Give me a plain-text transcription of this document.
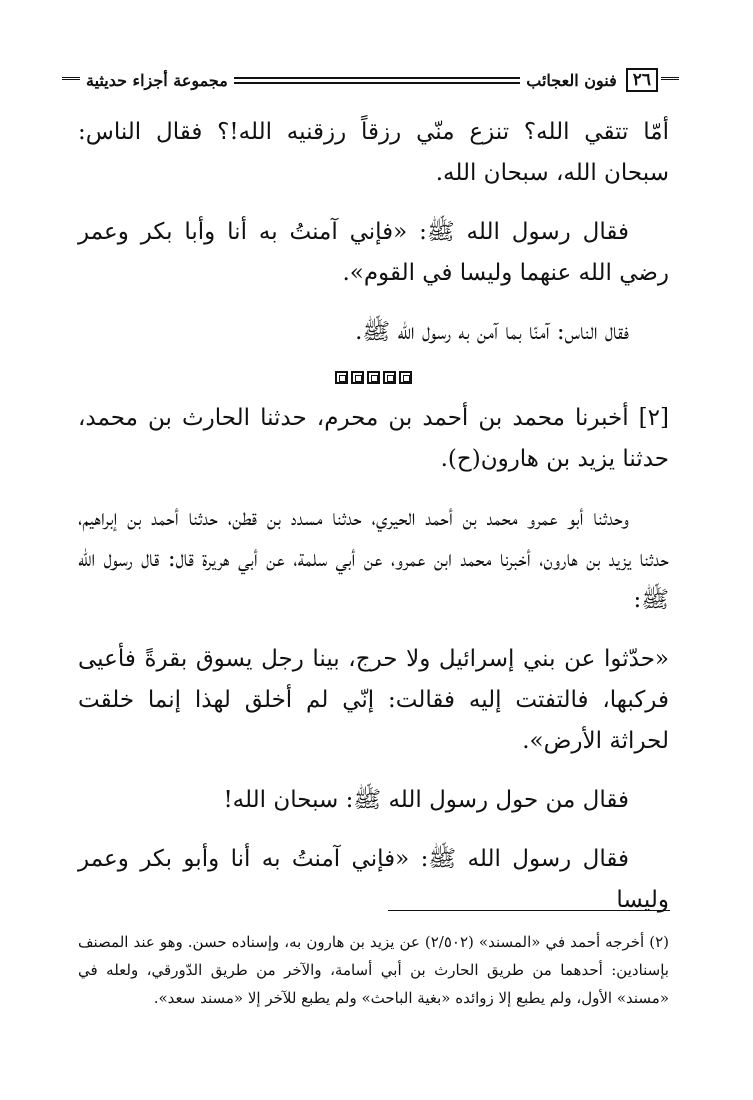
٢٦
فنون العجائب
مجموعة أجزاء حديثية

أمّا تتقي الله؟ تنزع منّي رزقاً رزقنيه الله!؟ فقال الناس: سبحان الله، سبحان الله.

فقال رسول الله ﷺ: «فإني آمنتُ به أنا وأبا بكر وعمر رضي الله عنهما وليسا في القوم».

فقال الناس: آمنّا بما آمن به رسول الله ﷺ.

[٢] أخبرنا محمد بن أحمد بن محرم، حدثنا الحارث بن محمد، حدثنا يزيد بن هارون(ح).

وحدثنا أبو عمرو محمد بن أحمد الحيري، حدثنا مسدد بن قطن، حدثنا أحمد بن إبراهيم، حدثنا يزيد بن هارون، أخبرنا محمد ابن عمرو، عن أبي سلمة، عن أبي هريرة قال: قال رسول الله ﷺ:

«حدّثوا عن بني إسرائيل ولا حرج، بينا رجل يسوق بقرةً فأعيى فركبها، فالتفتت إليه فقالت: إنّي لم أخلق لهذا إنما خلقت لحراثة الأرض».

فقال من حول رسول الله ﷺ: سبحان الله!

فقال رسول الله ﷺ: «فإني آمنتُ به أنا وأبو بكر وعمر وليسا

(٢) أخرجه أحمد في «المسند» (٢/٥٠٢) عن يزيد بن هارون به، وإسناده حسن. وهو عند المصنف بإسنادين: أحدهما من طريق الحارث بن أبي أسامة، والآخر من طريق الدّورقي، ولعله في «مسند» الأول، ولم يطبع إلا زوائده «بغية الباحث» ولم يطبع للآخر إلا «مسند سعد».
